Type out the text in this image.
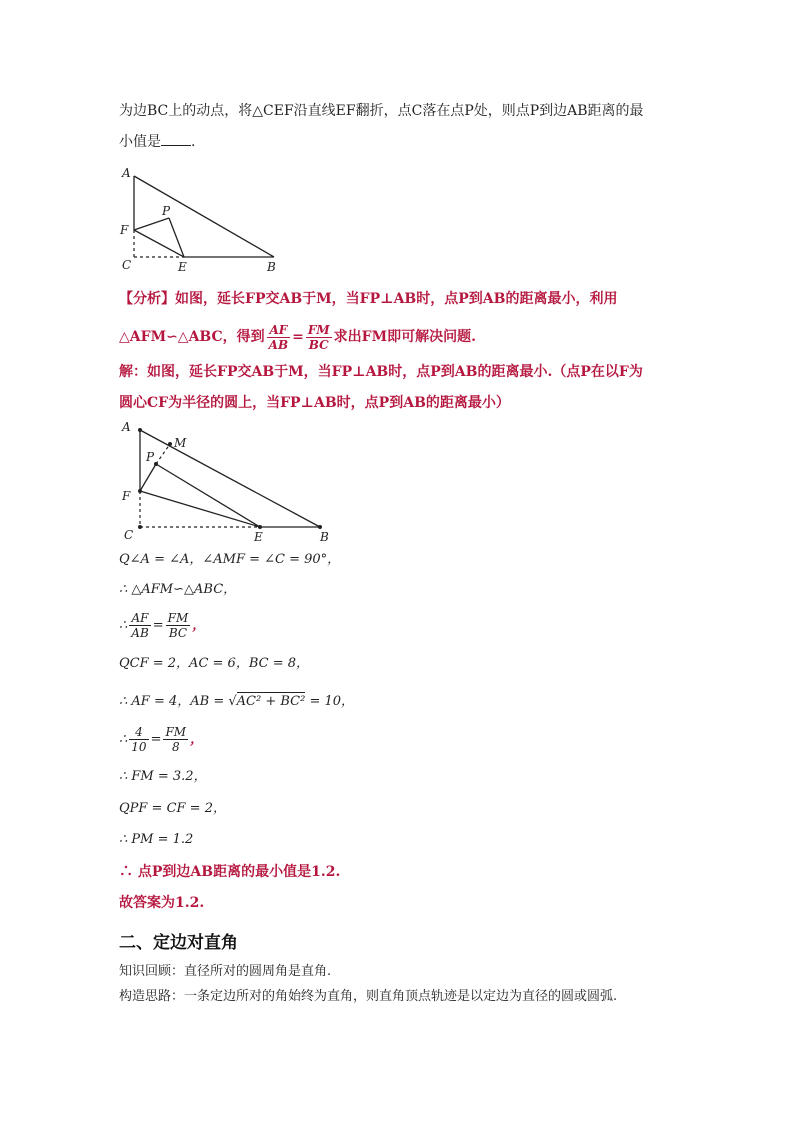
为边BC上的动点，将△CEF沿直线EF翻折，点C落在点P处，则点P到边AB距离的最
小值是 .
A
P
F
C	E	B
【分析】如图，延长FP交AB于M，当FP⊥AB时，点P到AB的距离最小，利用
△AFM∽△ABC，得到 $\frac{AF}{AB} = \frac{FM}{BC}$ 求出FM即可解决问题.
解：如图，延长FP交AB于M，当FP⊥AB时，点P到AB的距离最小.（点P在以F为
圆心CF为半径的圆上，当FP⊥AB时，点P到AB的距离最小）
A
M
P
F
C	E	B
Q∠A = ∠A，∠AMF = ∠C = 90°，
∴ △AFM∽△ABC，
∴ $\frac{AF}{AB} = \frac{FM}{BC}$ ，
QCF = 2，AC = 6，BC = 8，
∴ AF = 4，AB = √AC² + BC² = 10，
∴ $\frac{4}{10} = \frac{FM}{8}$ ，
∴ FM = 3.2，
QPF = CF = 2，
∴ PM = 1.2
∴ 点P到边AB距离的最小值是1.2.
故答案为1.2.
二、定边对直角
知识回顾：直径所对的圆周角是直角.
构造思路：一条定边所对的角始终为直角，则直角顶点轨迹是以定边为直径的圆或圆弧.
